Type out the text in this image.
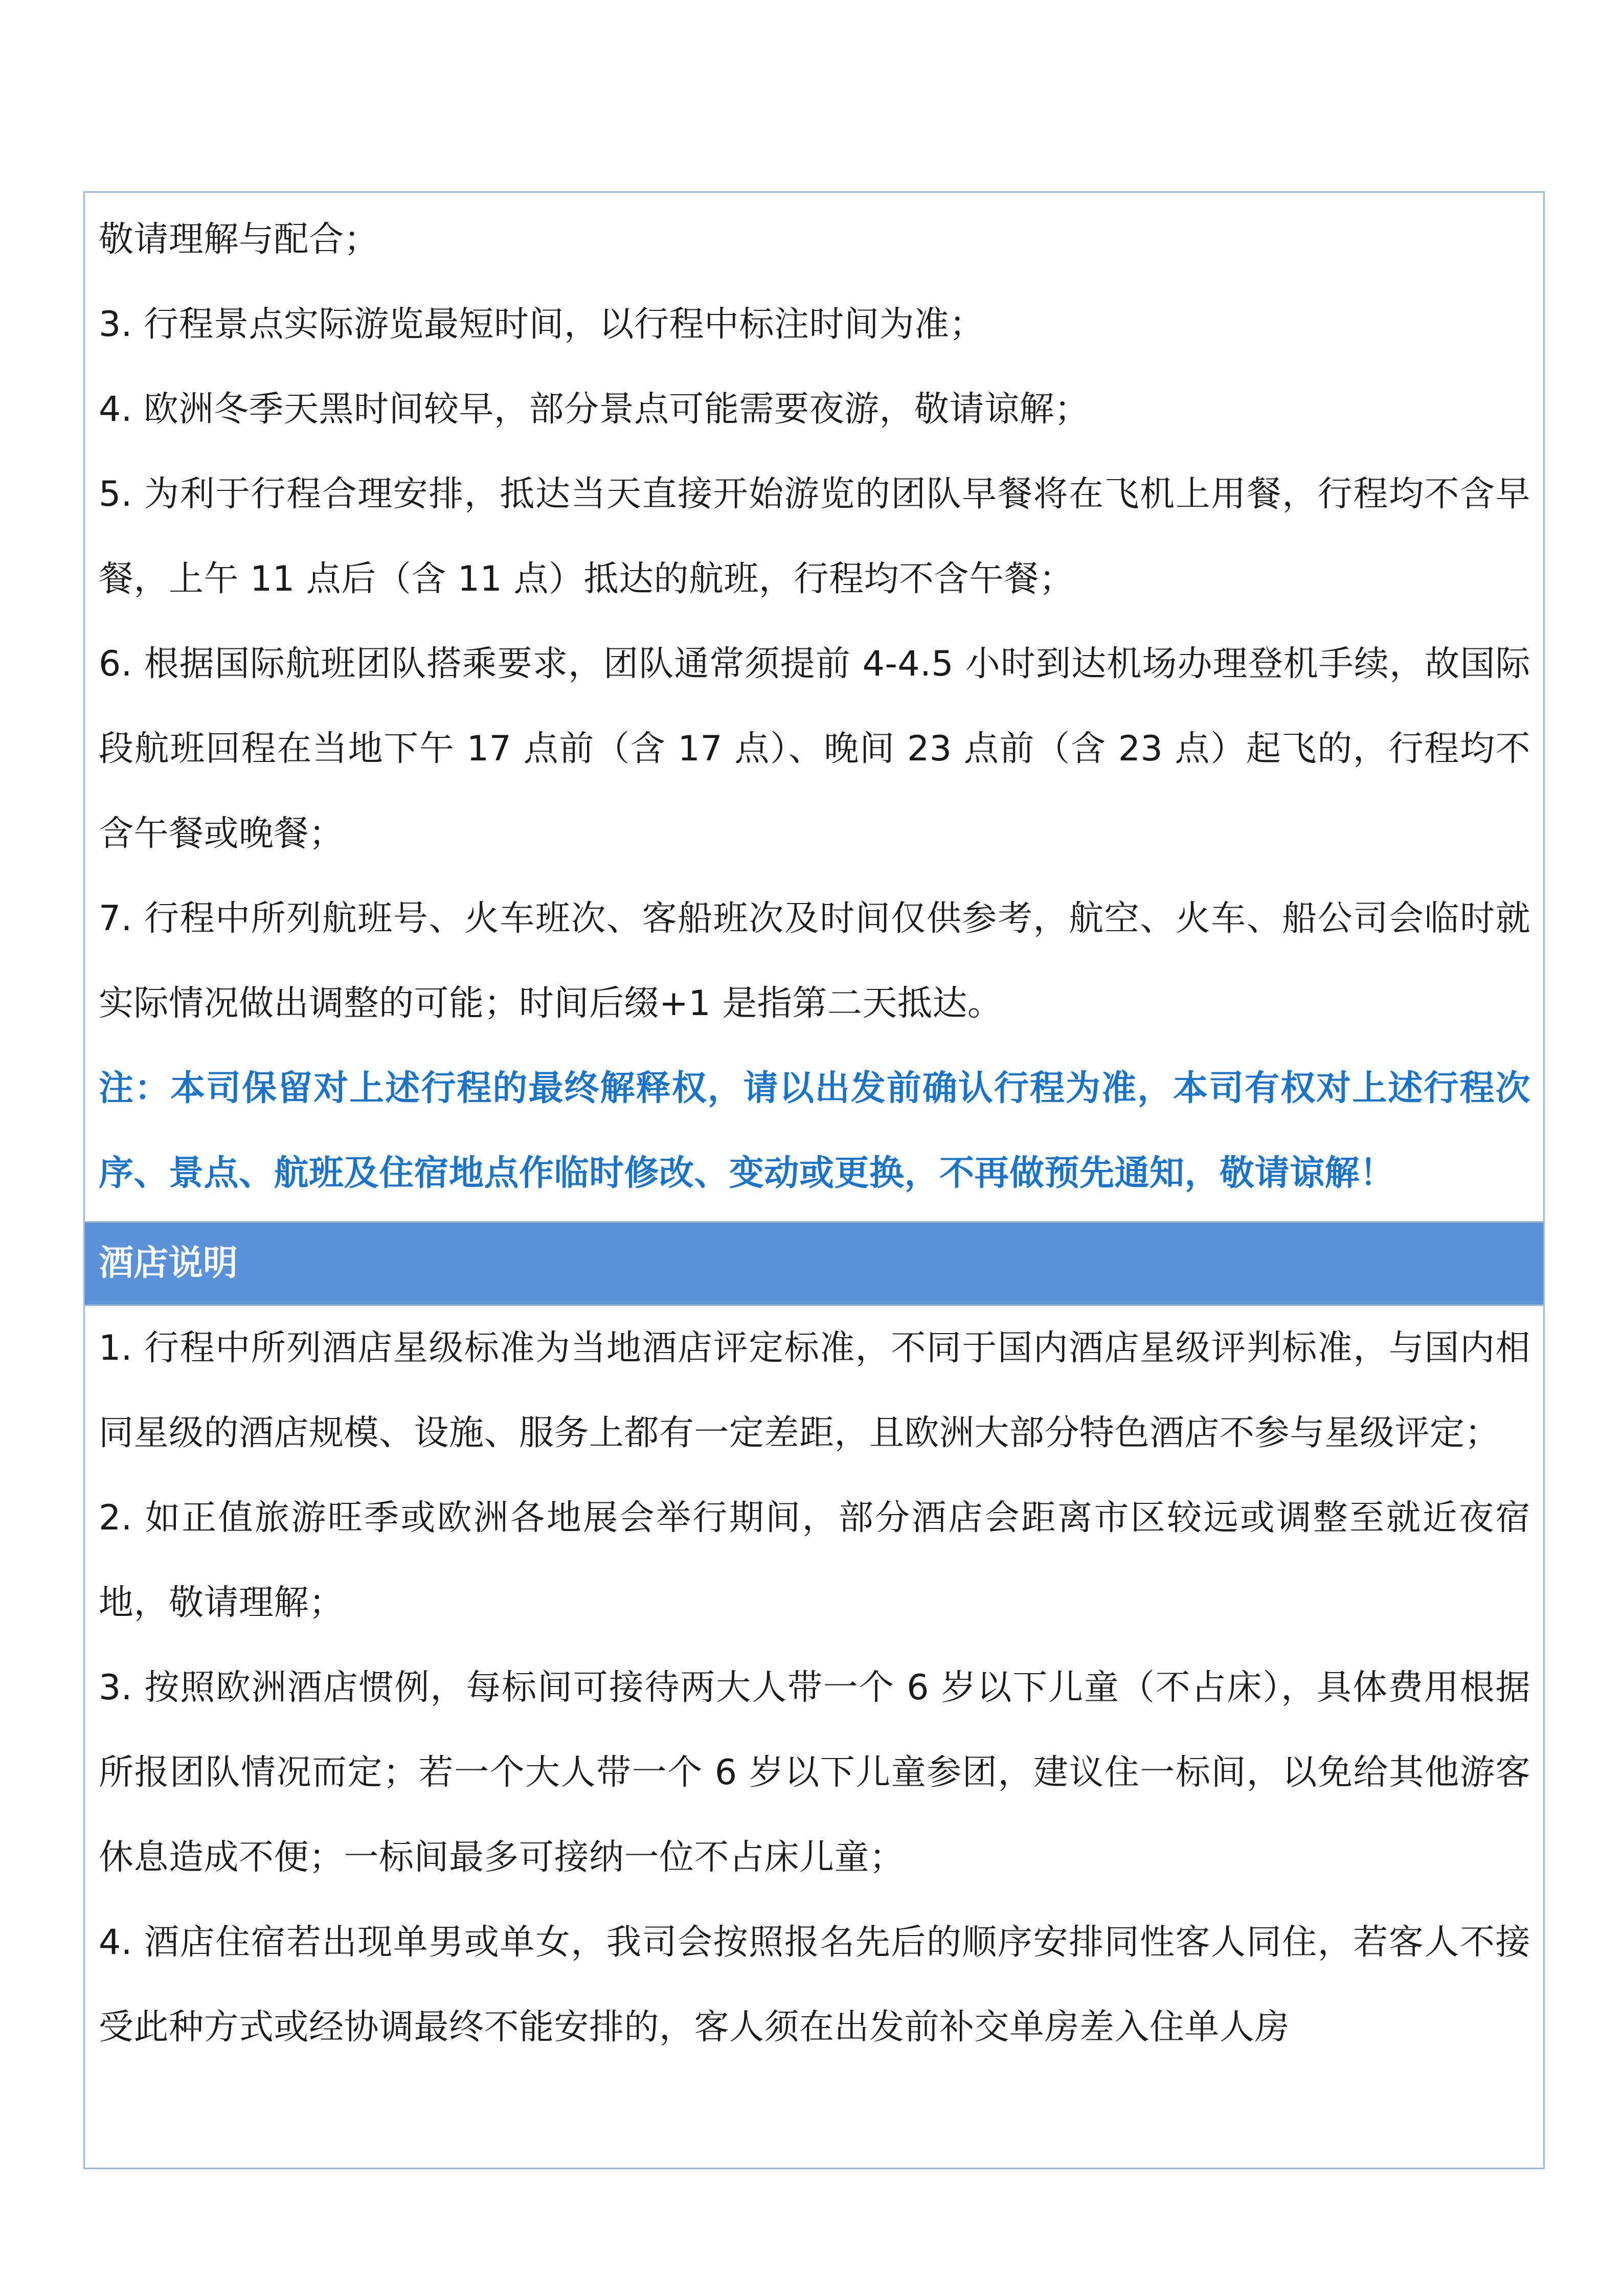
敬请理解与配合；

3. 行程景点实际游览最短时间，以行程中标注时间为准；

4. 欧洲冬季天黑时间较早，部分景点可能需要夜游，敬请谅解；

5. 为利于行程合理安排，抵达当天直接开始游览的团队早餐将在飞机上用餐，行程均不含早餐，上午 11 点后（含 11 点）抵达的航班，行程均不含午餐；

6. 根据国际航班团队搭乘要求，团队通常须提前 4-4.5 小时到达机场办理登机手续，故国际段航班回程在当地下午 17 点前（含 17 点）、晚间 23 点前（含 23 点）起飞的，行程均不含午餐或晚餐；

7. 行程中所列航班号、火车班次、客船班次及时间仅供参考，航空、火车、船公司会临时就实际情况做出调整的可能；时间后缀+1 是指第二天抵达。

注：本司保留对上述行程的最终解释权，请以出发前确认行程为准，本司有权对上述行程次序、景点、航班及住宿地点作临时修改、变动或更换，不再做预先通知，敬请谅解！

酒店说明

1. 行程中所列酒店星级标准为当地酒店评定标准，不同于国内酒店星级评判标准，与国内相同星级的酒店规模、设施、服务上都有一定差距，且欧洲大部分特色酒店不参与星级评定；

2. 如正值旅游旺季或欧洲各地展会举行期间，部分酒店会距离市区较远或调整至就近夜宿地，敬请理解；

3. 按照欧洲酒店惯例，每标间可接待两大人带一个 6 岁以下儿童（不占床），具体费用根据所报团队情况而定；若一个大人带一个 6 岁以下儿童参团，建议住一标间，以免给其他游客休息造成不便；一标间最多可接纳一位不占床儿童；

4. 酒店住宿若出现单男或单女，我司会按照报名先后的顺序安排同性客人同住，若客人不接受此种方式或经协调最终不能安排的，客人须在出发前补交单房差入住单人房
